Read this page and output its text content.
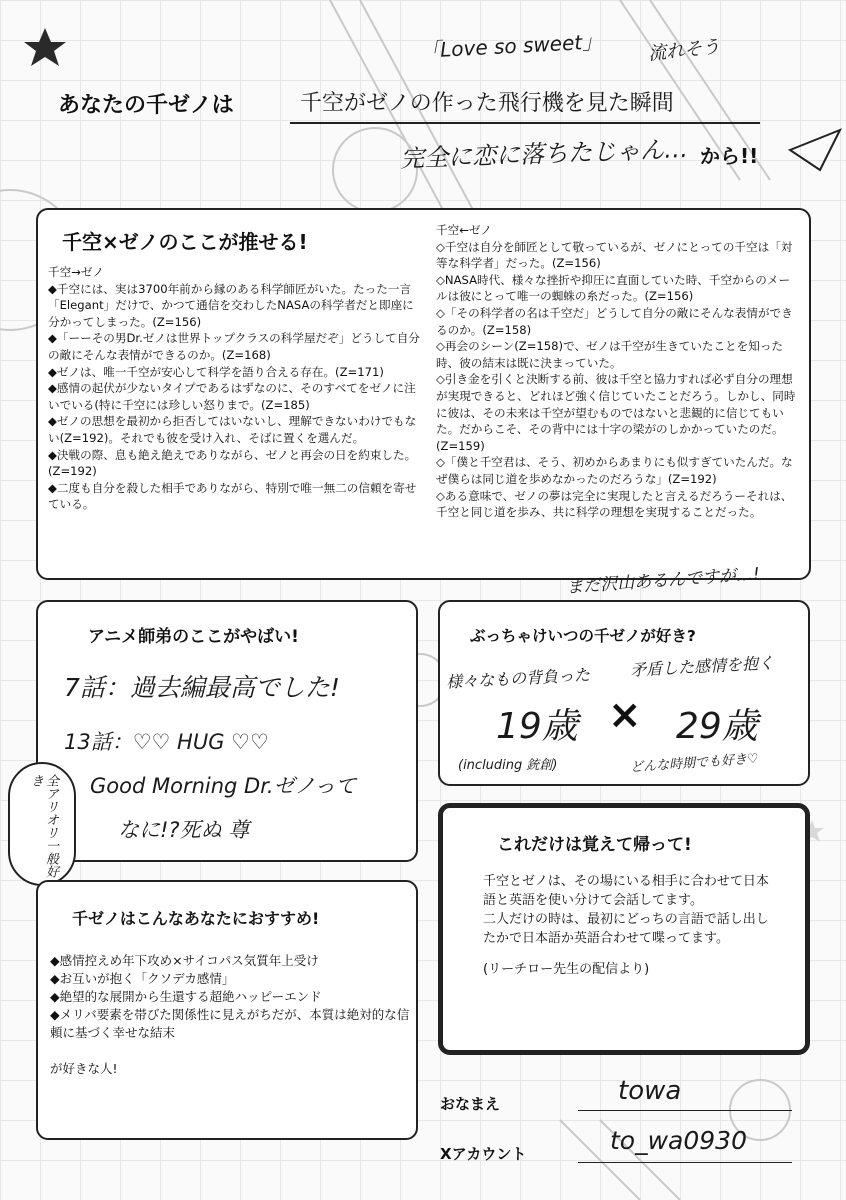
あなたの千ゼノは	千空がゼノの作った飛行機を見た瞬間
「Love so sweet」 流れそう
完全に恋に落ちたじゃん… から!!
千空×ゼノのここが推せる!

千空→ゼノ

◆千空には、実は3700年前から縁のある科学師匠がいた。たった一言「Elegant」だけで、かつて通信を交わしたNASAの科学者だと即座に分かってしまった。(Z=156)

◆「ーーその男Dr.ゼノは世界トップクラスの科学屋だぞ」どうして自分の敵にそんな表情ができるのか。(Z=168)

◆ゼノは、唯一千空が安心して科学を語り合える存在。(Z=171)

◆感情の起伏が少ないタイプであるはずなのに、そのすべてをゼノに注いでいる(特に千空には珍しい怒りまで。(Z=185)

◆ゼノの思想を最初から拒否してはいないし、理解できないわけでもない(Z=192)。それでも彼を受け入れ、そばに置くを選んだ。

◆決戦の際、息も絶え絶えでありながら、ゼノと再会の日を約束した。(Z=192)

◆二度も自分を殺した相手でありながら、特別で唯一無二の信頼を寄せている。

千空←ゼノ

◇千空は自分を師匠として敬っているが、ゼノにとっての千空は「対等な科学者」だった。(Z=156)

◇NASA時代、様々な挫折や抑圧に直面していた時、千空からのメールは彼にとって唯一の蜘蛛の糸だった。(Z=156)

◇「その科学者の名は千空だ」どうして自分の敵にそんな表情ができるのか。(Z=158)

◇再会のシーン(Z=158)で、ゼノは千空が生きていたことを知った時、彼の結末は既に決まっていた。

◇引き金を引くと決断する前、彼は千空と協力すれば必ず自分の理想が実現できると、どれほど強く信じていたことだろう。しかし、同時に彼は、その未来は千空が望むものではないと悲観的に信じてもいた。だからこそ、その背中には十字の梁がのしかかっていたのだ。(Z=159)

◇「僕と千空君は、そう、初めからあまりにも似すぎていたんだ。なぜ僕らは同じ道を歩めなかったのだろうな」(Z=192)

◇ある意味で、ゼノの夢は完全に実現したと言えるだろうーそれは、千空と同じ道を歩み、共に科学の理想を実現することだった。

まだ沢山あるんですが…!
アニメ師弟のここがやばい!
7話：過去編最高でした!
13話：♡♡ HUG ♡♡
Good Morning Dr.ゼノって
なに!?死ぬ 尊
全アリオリ一般好き
ぶっちゃけいつの千ゼノが好き?
様々なもの背負った 矛盾した感情を抱く
19歳 × 29歳
(including 銃創)	どんな時期でも好き♡
これだけは覚えて帰って!

千空とゼノは、その場にいる相手に合わせて日本語と英語を使い分けて会話してます。

二人だけの時は、最初にどっちの言語で話し出したかで日本語か英語合わせて喋ってます。

(リーチロー先生の配信より)

千ゼノはこんなあなたにおすすめ!

◆感情控えめ年下攻め×サイコパス気質年上受け

◆お互いが抱く「クソデカ感情」

◆絶望的な展開から生還する超絶ハッピーエンド

◆メリバ要素を帯びた関係性に見えがちだが、本質は絶対的な信頼に基づく幸せな結末

が好きな人!

おなまえ	towa
Xアカウント	to_wa0930
